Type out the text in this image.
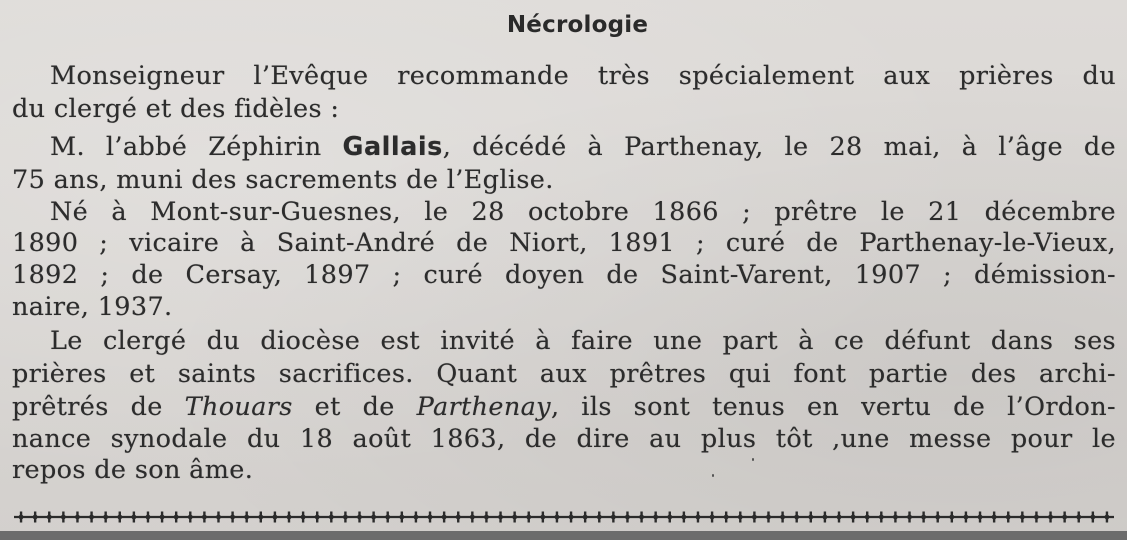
Nécrologie
Monseigneur l’Evêque recommande très spécialement aux prières du
du clergé et des fidèles :
M. l’abbé Zéphirin Gallais, décédé à Parthenay, le 28 mai, à l’âge de
75 ans, muni des sacrements de l’Eglise.
Né à Mont-sur-Guesnes, le 28 octobre 1866 ; prêtre le 21 décembre
1890 ; vicaire à Saint-André de Niort, 1891 ; curé de Parthenay-le-Vieux,
1892 ; de Cersay, 1897 ; curé doyen de Saint-Varent, 1907 ; démission-
naire, 1937.
Le clergé du diocèse est invité à faire une part à ce défunt dans ses
prières et saints sacrifices. Quant aux prêtres qui font partie des archi-
prêtrés de Thouars et de Parthenay, ils sont tenus en vertu de l’Ordon-
nance synodale du 18 août 1863, de dire au plus tôt ,une messe pour le
repos de son âme.
